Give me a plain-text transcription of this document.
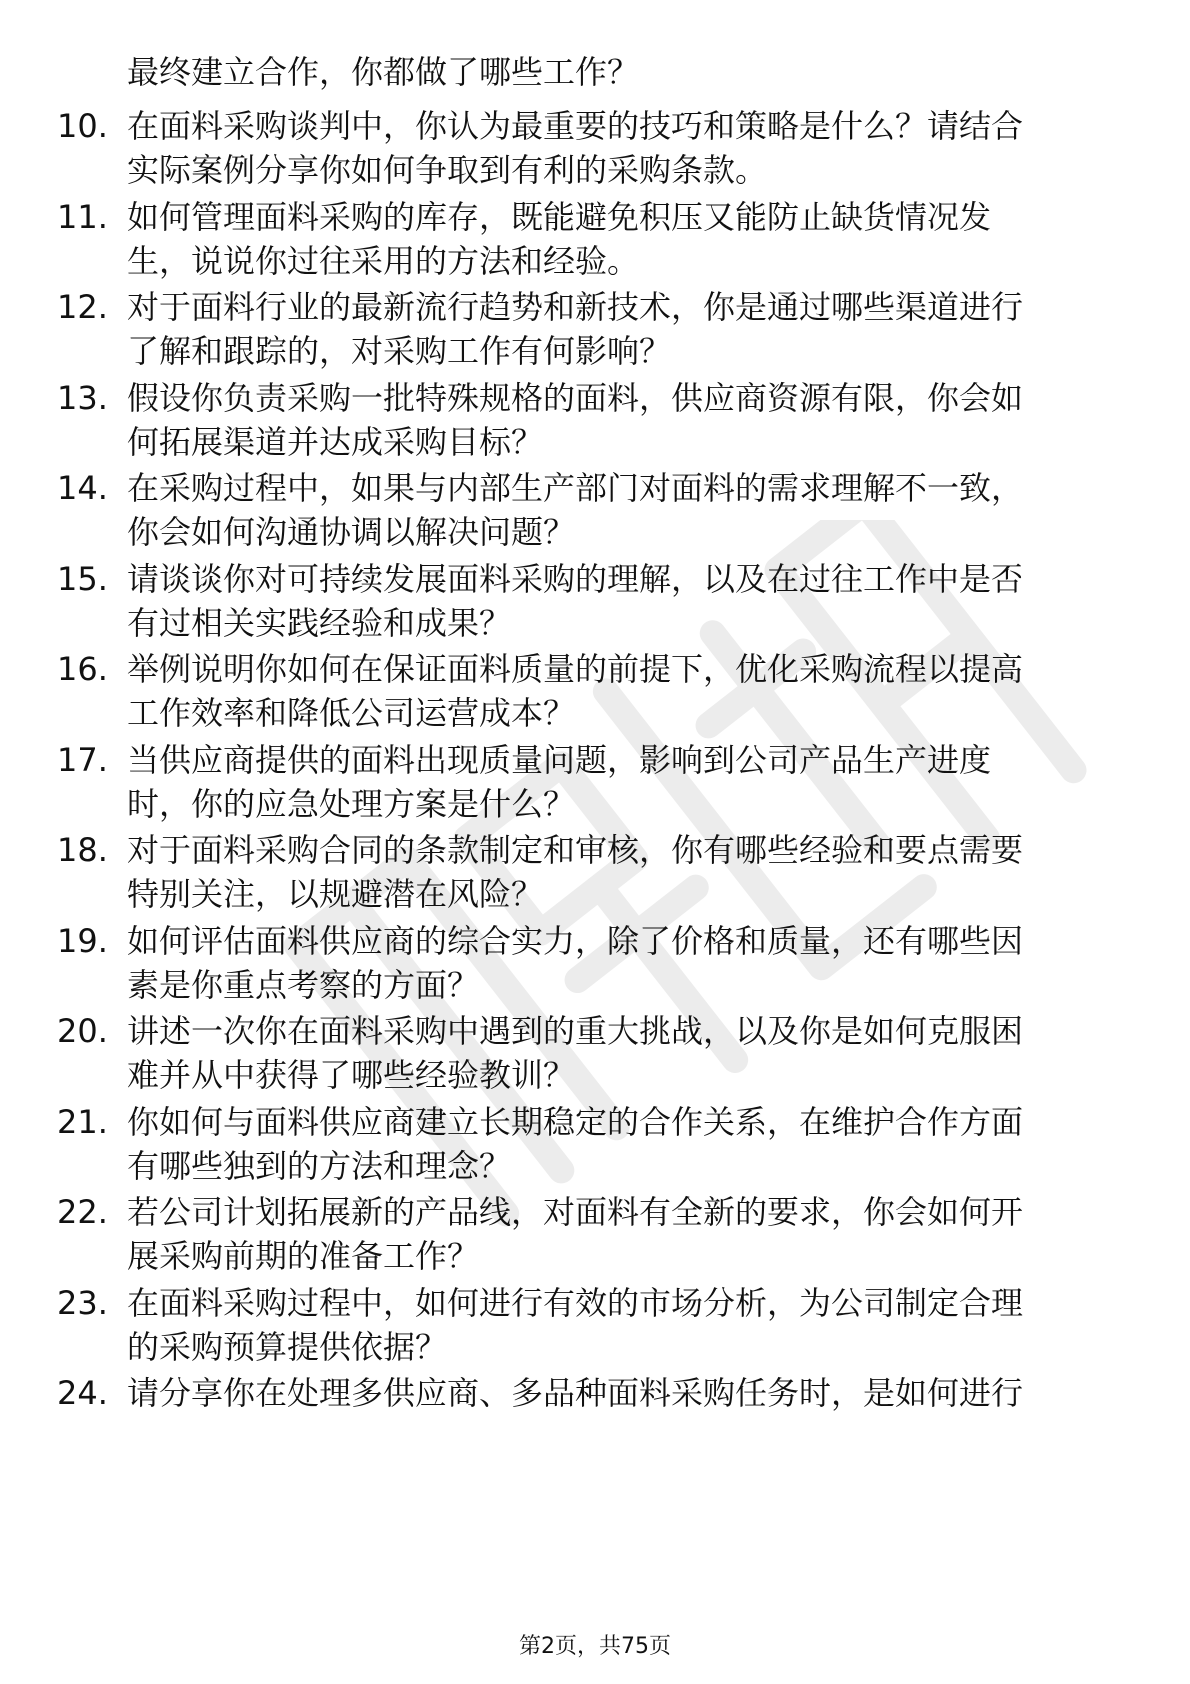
最终建立合作，你都做了哪些工作？
10. 在面料采购谈判中，你认为最重要的技巧和策略是什么？请结合
实际案例分享你如何争取到有利的采购条款。
11. 如何管理面料采购的库存，既能避免积压又能防止缺货情况发
生，说说你过往采用的方法和经验。
12. 对于面料行业的最新流行趋势和新技术，你是通过哪些渠道进行
了解和跟踪的，对采购工作有何影响？
13. 假设你负责采购一批特殊规格的面料，供应商资源有限，你会如
何拓展渠道并达成采购目标？
14. 在采购过程中，如果与内部生产部门对面料的需求理解不一致，
你会如何沟通协调以解决问题？
15. 请谈谈你对可持续发展面料采购的理解，以及在过往工作中是否
有过相关实践经验和成果？
16. 举例说明你如何在保证面料质量的前提下，优化采购流程以提高
工作效率和降低公司运营成本？
17. 当供应商提供的面料出现质量问题，影响到公司产品生产进度
时，你的应急处理方案是什么？
18. 对于面料采购合同的条款制定和审核，你有哪些经验和要点需要
特别关注，以规避潜在风险？
19. 如何评估面料供应商的综合实力，除了价格和质量，还有哪些因
素是你重点考察的方面？
20. 讲述一次你在面料采购中遇到的重大挑战，以及你是如何克服困
难并从中获得了哪些经验教训？
21. 你如何与面料供应商建立长期稳定的合作关系，在维护合作方面
有哪些独到的方法和理念？
22. 若公司计划拓展新的产品线，对面料有全新的要求，你会如何开
展采购前期的准备工作？
23. 在面料采购过程中，如何进行有效的市场分析，为公司制定合理
的采购预算提供依据？
24. 请分享你在处理多供应商、多品种面料采购任务时，是如何进行
第2页，共75页
